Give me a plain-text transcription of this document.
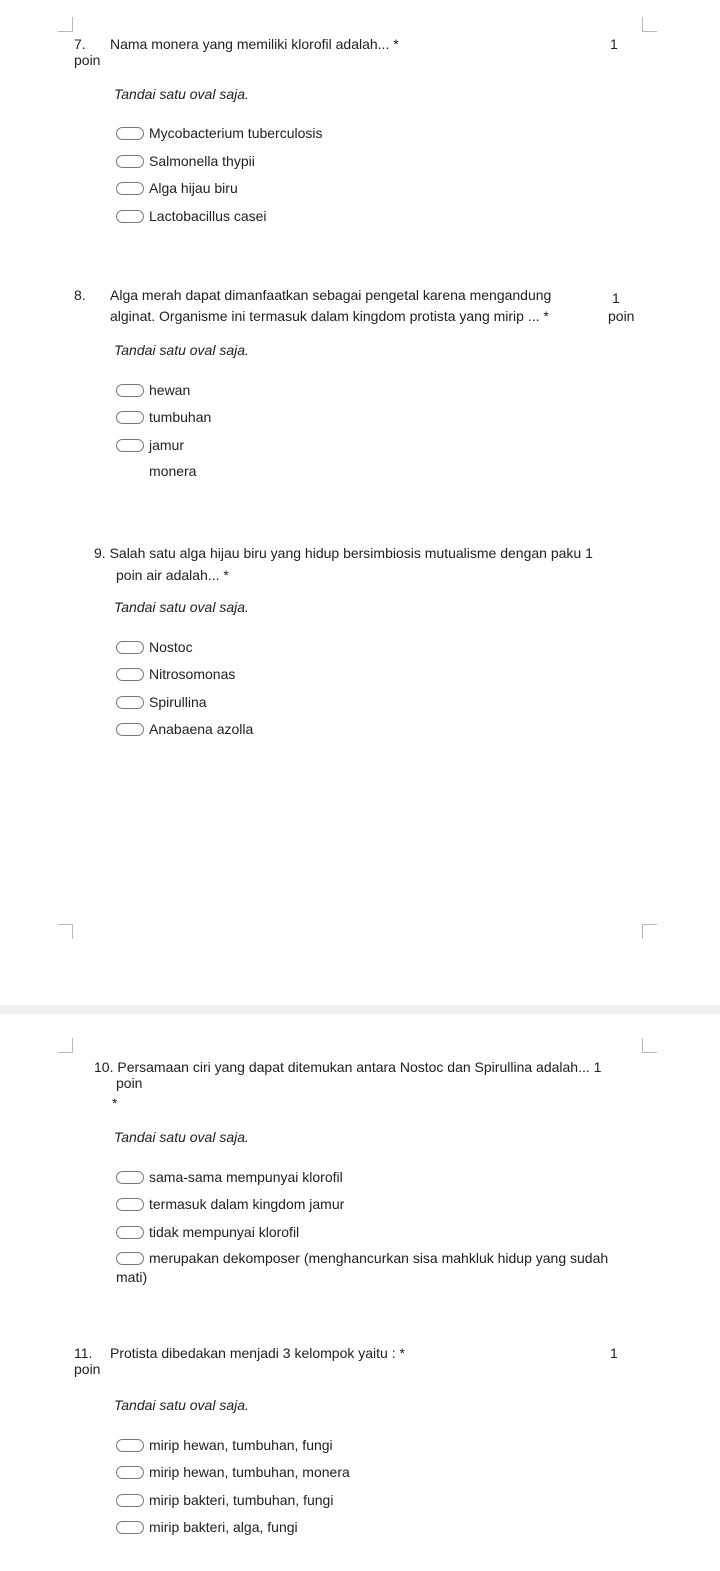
7. Nama monera yang memiliki klorofil adalah... *	1
poin
Tandai satu oval saja.
Mycobacterium tuberculosis
Salmonella thypii
Alga hijau biru
Lactobacillus casei
8. Alga merah dapat dimanfaatkan sebagai pengetal karena mengandung
alginat. Organisme ini termasuk dalam kingdom protista yang mirip ... *
1
poin
Tandai satu oval saja.
hewan
tumbuhan
jamur
monera
9. Salah satu alga hijau biru yang hidup bersimbiosis mutualisme dengan paku 1
poin air adalah... *
Tandai satu oval saja.
Nostoc
Nitrosomonas
Spirullina
Anabaena azolla
10. Persamaan ciri yang dapat ditemukan antara Nostoc dan Spirullina adalah... 1
poin
*
Tandai satu oval saja.
sama-sama mempunyai klorofil
termasuk dalam kingdom jamur
tidak mempunyai klorofil
merupakan dekomposer (menghancurkan sisa mahkluk hidup yang sudah
mati)
11. Protista dibedakan menjadi 3 kelompok yaitu : *	1
poin
Tandai satu oval saja.
mirip hewan, tumbuhan, fungi
mirip hewan, tumbuhan, monera
mirip bakteri, tumbuhan, fungi
mirip bakteri, alga, fungi
